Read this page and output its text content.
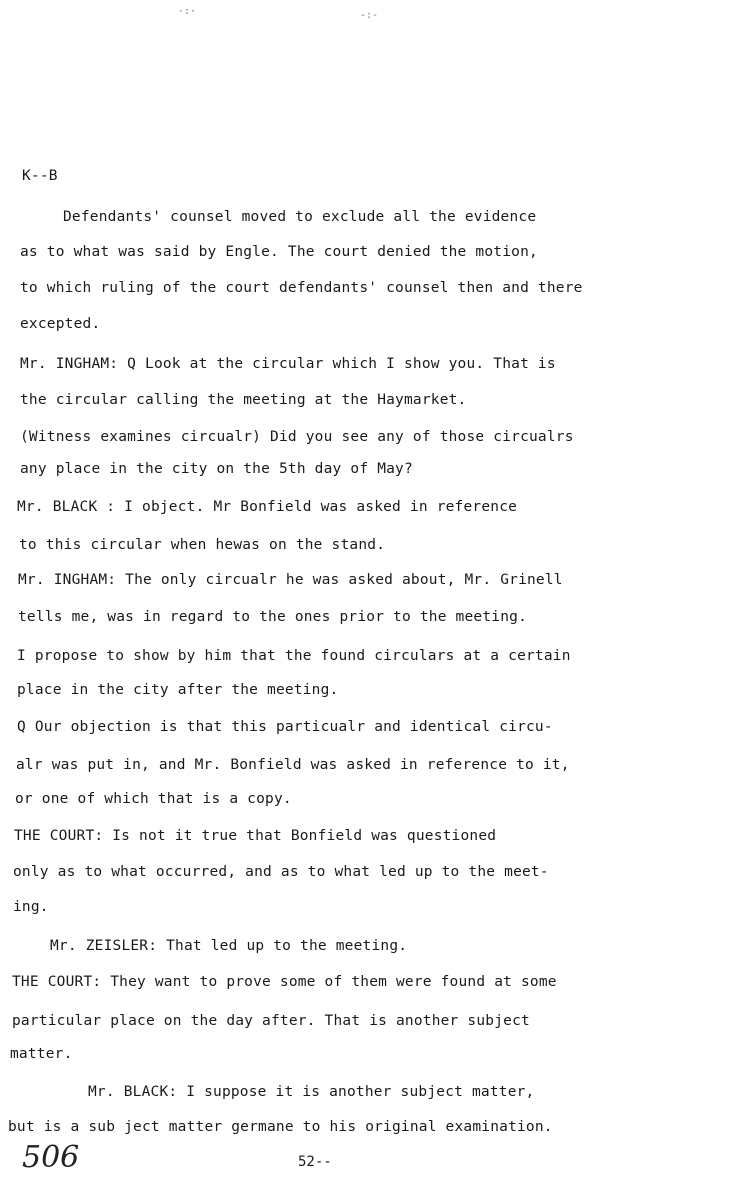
·:·	-:-
K--B
Defendants' counsel moved to exclude all the evidence
as to what was said by Engle. The court denied the motion,
to which ruling of the court defendants' counsel then and there
excepted.
Mr. INGHAM: Q Look at the circular which I show you. That is
the circular calling the meeting at the Haymarket.
(Witness examines circualr) Did you see any of those circualrs
any place in the city on the 5th day of May?
Mr. BLACK : I object. Mr Bonfield was asked in reference
to this circular when hewas on the stand.
Mr. INGHAM: The only circualr he was asked about, Mr. Grinell
tells me, was in regard to the ones prior to the meeting.
I propose to show by him that the found circulars at a certain
place in the city after the meeting.
Q Our objection is that this particualr and identical circu-
alr was put in, and Mr. Bonfield was asked in reference to it,
or one of which that is a copy.
THE COURT: Is not it true that Bonfield was questioned
only as to what occurred, and as to what led up to the meet-
ing.
Mr. ZEISLER: That led up to the meeting.
THE COURT: They want to prove some of them were found at some
particular place on the day after. That is another subject
matter.
Mr. BLACK: I suppose it is another subject matter,
but is a sub ject matter germane to his original examination.
506	52--
